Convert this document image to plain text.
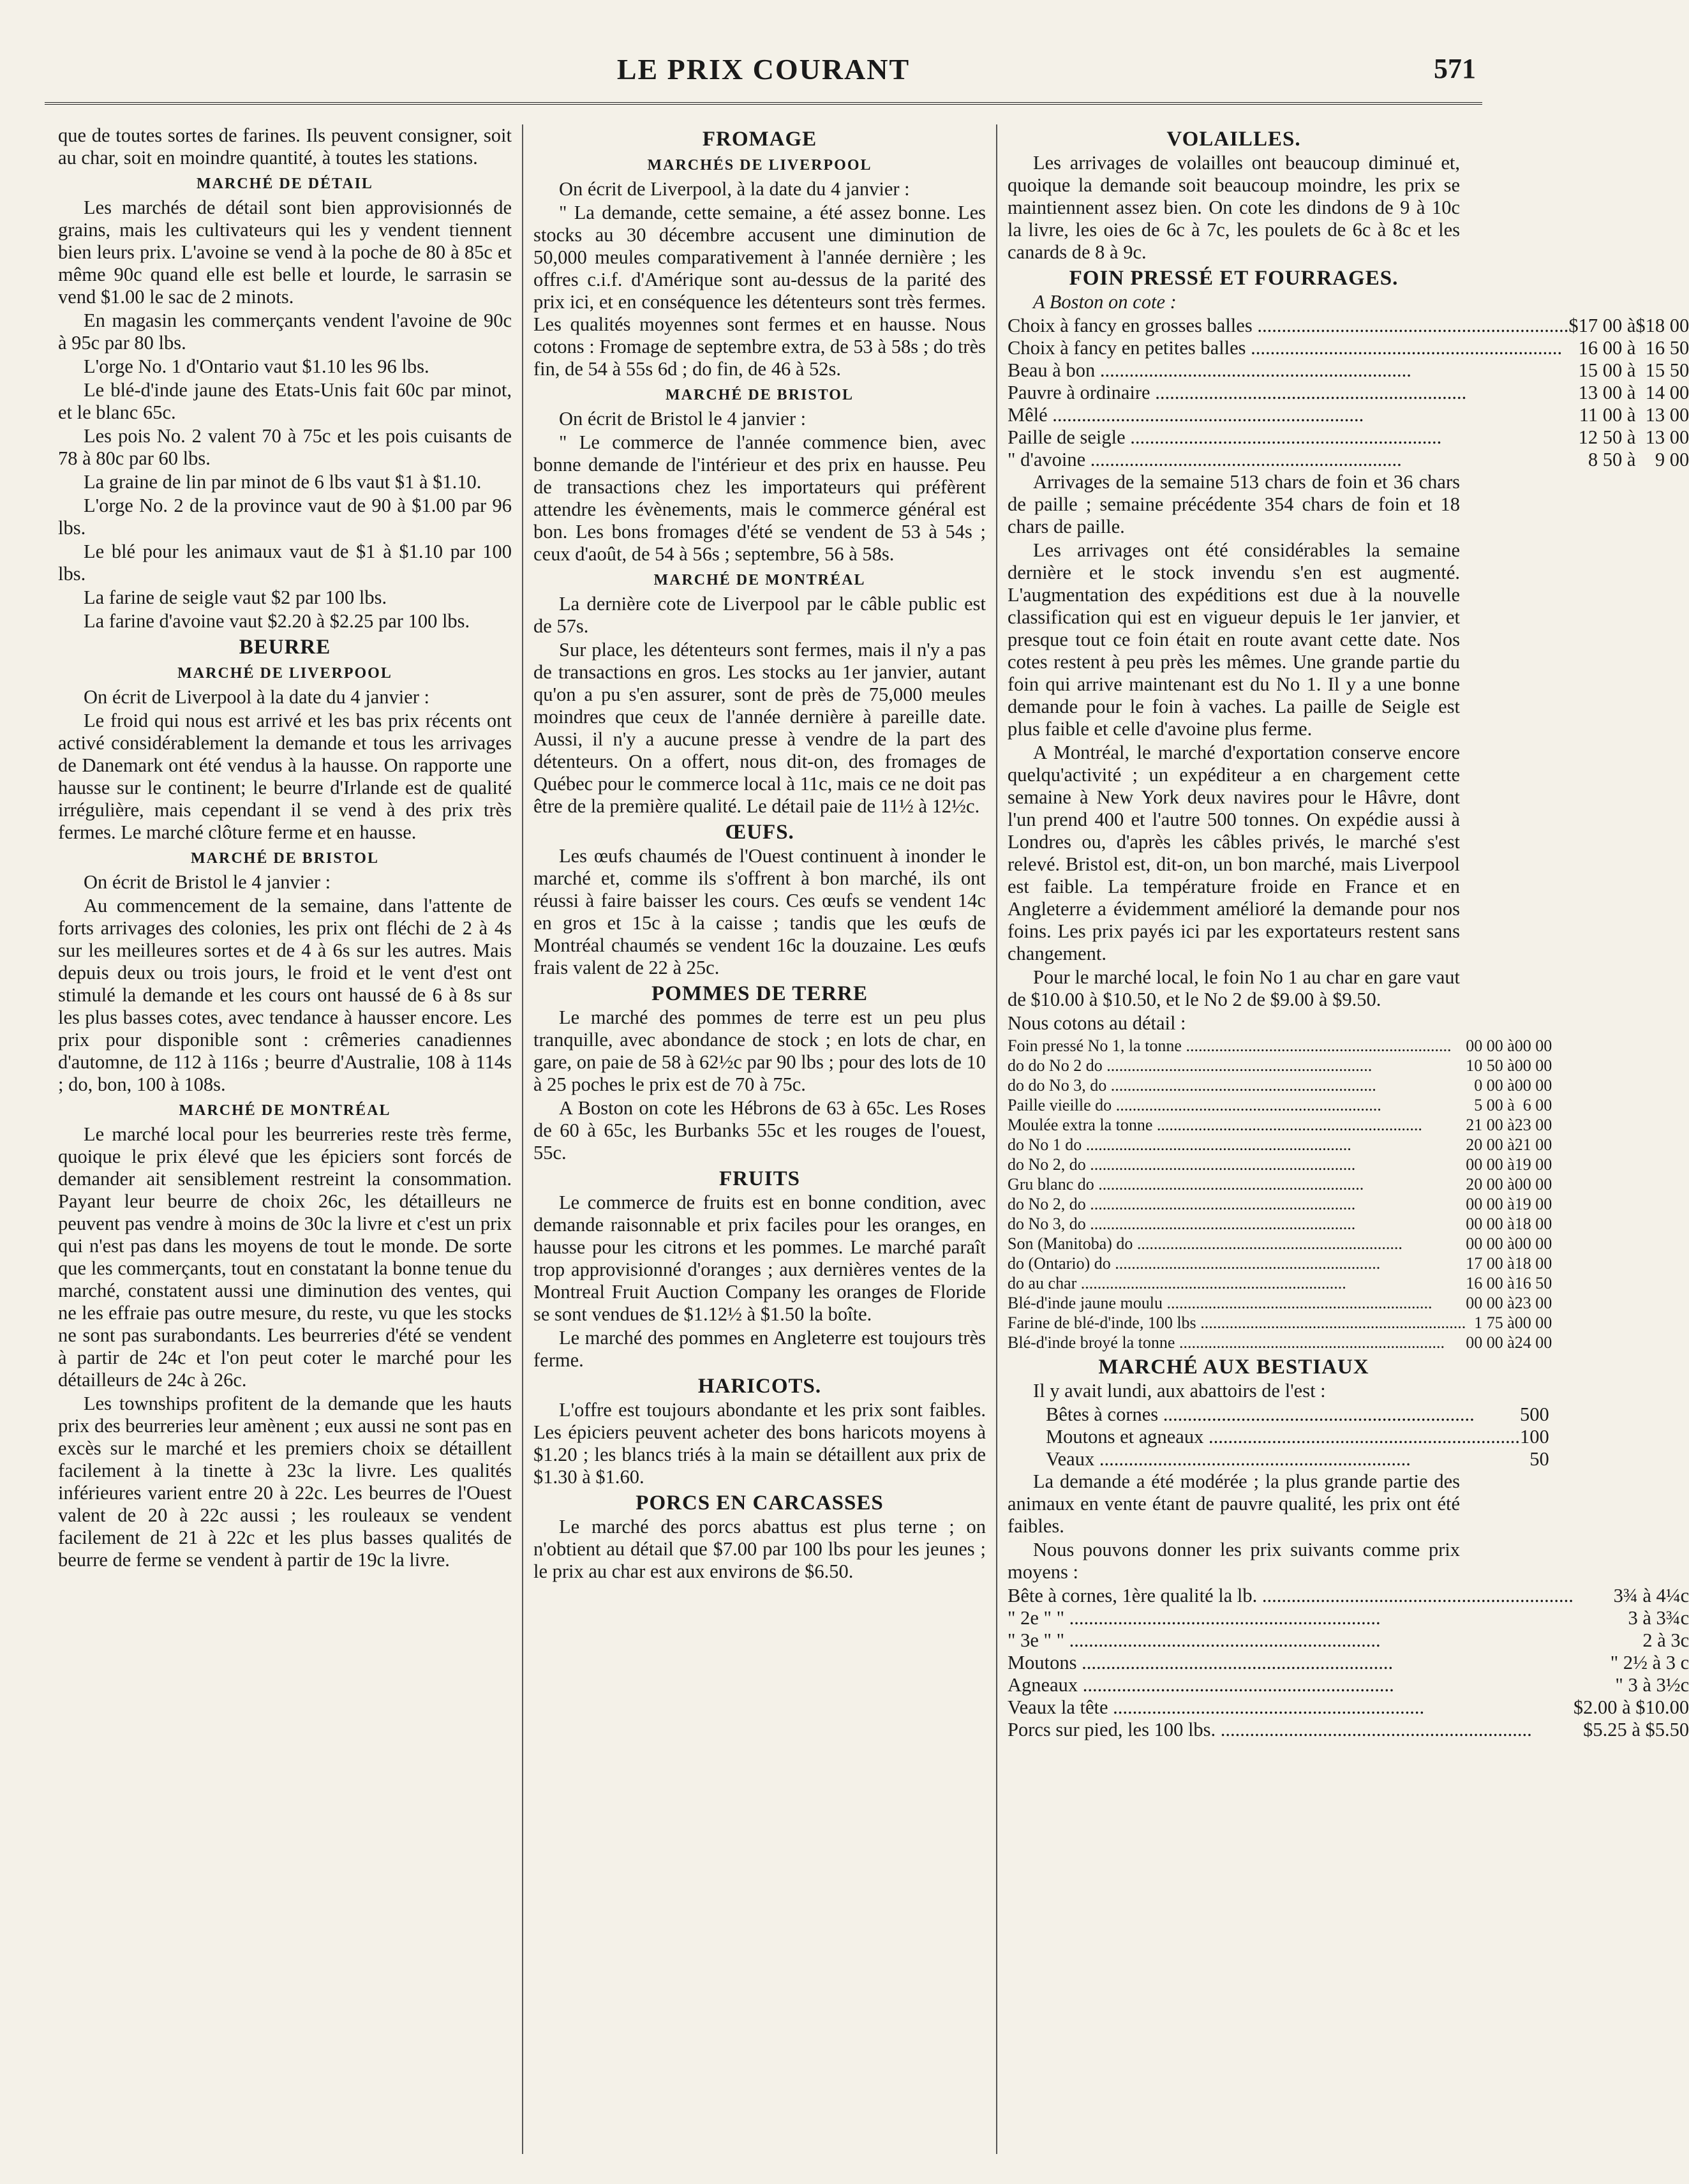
LE PRIX COURANT	571

que de toutes sortes de farines. Ils peuvent consigner, soit au char, soit en moindre quantité, à toutes les stations.

MARCHÉ DE DÉTAIL

Les marchés de détail sont bien approvisionnés de grains, mais les cultivateurs qui les y vendent tiennent bien leurs prix. L'avoine se vend à la poche de 80 à 85c et même 90c quand elle est belle et lourde, le sarrasin se vend $1.00 le sac de 2 minots.

En magasin les commerçants vendent l'avoine de 90c à 95c par 80 lbs.

L'orge No. 1 d'Ontario vaut $1.10 les 96 lbs.

Le blé-d'inde jaune des Etats-Unis fait 60c par minot, et le blanc 65c.

Les pois No. 2 valent 70 à 75c et les pois cuisants de 78 à 80c par 60 lbs.

La graine de lin par minot de 6 lbs vaut $1 à $1.10.

L'orge No. 2 de la province vaut de 90 à $1.00 par 96 lbs.

Le blé pour les animaux vaut de $1 à $1.10 par 100 lbs.

La farine de seigle vaut $2 par 100 lbs.

La farine d'avoine vaut $2.20 à $2.25 par 100 lbs.

BEURRE
MARCHÉ DE LIVERPOOL

On écrit de Liverpool à la date du 4 janvier :

Le froid qui nous est arrivé et les bas prix récents ont activé considérablement la demande et tous les arrivages de Danemark ont été vendus à la hausse. On rapporte une hausse sur le continent; le beurre d'Irlande est de qualité irrégulière, mais cependant il se vend à des prix très fermes. Le marché clôture ferme et en hausse.

MARCHÉ DE BRISTOL

On écrit de Bristol le 4 janvier :

Au commencement de la semaine, dans l'attente de forts arrivages des colonies, les prix ont fléchi de 2 à 4s sur les meilleures sortes et de 4 à 6s sur les autres. Mais depuis deux ou trois jours, le froid et le vent d'est ont stimulé la demande et les cours ont haussé de 6 à 8s sur les plus basses cotes, avec tendance à hausser encore. Les prix pour disponible sont : crêmeries canadiennes d'automne, de 112 à 116s ; beurre d'Australie, 108 à 114s ; do, bon, 100 à 108s.

MARCHÉ DE MONTRÉAL

Le marché local pour les beurreries reste très ferme, quoique le prix élevé que les épiciers sont forcés de demander ait sensiblement restreint la consommation. Payant leur beurre de choix 26c, les détailleurs ne peuvent pas vendre à moins de 30c la livre et c'est un prix qui n'est pas dans les moyens de tout le monde. De sorte que les commerçants, tout en constatant la bonne tenue du marché, constatent aussi une diminution des ventes, qui ne les effraie pas outre mesure, du reste, vu que les stocks ne sont pas surabondants. Les beurreries d'été se vendent à partir de 24c et l'on peut coter le marché pour les détailleurs de 24c à 26c.

Les townships profitent de la demande que les hauts prix des beurreries leur amènent ; eux aussi ne sont pas en excès sur le marché et les premiers choix se détaillent facilement à la tinette à 23c la livre. Les qualités inférieures varient entre 20 à 22c. Les beurres de l'Ouest valent de 20 à 22c aussi ; les rouleaux se vendent facilement de 21 à 22c et les plus basses qualités de beurre de ferme se vendent à partir de 19c la livre.

FROMAGE
MARCHÉS DE LIVERPOOL

On écrit de Liverpool, à la date du 4 janvier :

" La demande, cette semaine, a été assez bonne. Les stocks au 30 décembre accusent une diminution de 50,000 meules comparativement à l'année dernière ; les offres c.i.f. d'Amérique sont au-dessus de la parité des prix ici, et en conséquence les détenteurs sont très fermes. Les qualités moyennes sont fermes et en hausse. Nous cotons : Fromage de septembre extra, de 53 à 58s ; do très fin, de 54 à 55s 6d ; do fin, de 46 à 52s.

MARCHÉ DE BRISTOL

On écrit de Bristol le 4 janvier :

" Le commerce de l'année commence bien, avec bonne demande de l'intérieur et des prix en hausse. Peu de transactions chez les importateurs qui préfèrent attendre les évènements, mais le commerce général est bon. Les bons fromages d'été se vendent de 53 à 54s ; ceux d'août, de 54 à 56s ; septembre, 56 à 58s.

MARCHÉ DE MONTRÉAL

La dernière cote de Liverpool par le câble public est de 57s.

Sur place, les détenteurs sont fermes, mais il n'y a pas de transactions en gros. Les stocks au 1er janvier, autant qu'on a pu s'en assurer, sont de près de 75,000 meules moindres que ceux de l'année dernière à pareille date. Aussi, il n'y a aucune presse à vendre de la part des détenteurs. On a offert, nous dit-on, des fromages de Québec pour le commerce local à 11c, mais ce ne doit pas être de la première qualité. Le détail paie de 11½ à 12½c.

ŒUFS.

Les œufs chaumés de l'Ouest continuent à inonder le marché et, comme ils s'offrent à bon marché, ils ont réussi à faire baisser les cours. Ces œufs se vendent 14c en gros et 15c à la caisse ; tandis que les œufs de Montréal chaumés se vendent 16c la douzaine. Les œufs frais valent de 22 à 25c.

POMMES DE TERRE

Le marché des pommes de terre est un peu plus tranquille, avec abondance de stock ; en lots de char, en gare, on paie de 58 à 62½c par 90 lbs ; pour des lots de 10 à 25 poches le prix est de 70 à 75c.

A Boston on cote les Hébrons de 63 à 65c. Les Roses de 60 à 65c, les Burbanks 55c et les rouges de l'ouest, 55c.

FRUITS

Le commerce de fruits est en bonne condition, avec demande raisonnable et prix faciles pour les oranges, en hausse pour les citrons et les pommes. Le marché paraît trop approvisionné d'oranges ; aux dernières ventes de la Montreal Fruit Auction Company les oranges de Floride se sont vendues de $1.12½ à $1.50 la boîte.

Le marché des pommes en Angleterre est toujours très ferme.

HARICOTS.

L'offre est toujours abondante et les prix sont faibles. Les épiciers peuvent acheter des bons haricots moyens à $1.20 ; les blancs triés à la main se détaillent aux prix de $1.30 à $1.60.

PORCS EN CARCASSES

Le marché des porcs abattus est plus terne ; on n'obtient au détail que $7.00 par 100 lbs pour les jeunes ; le prix au char est aux environs de $6.50.

VOLAILLES.

Les arrivages de volailles ont beaucoup diminué et, quoique la demande soit beaucoup moindre, les prix se maintiennent assez bien. On cote les dindons de 9 à 10c la livre, les oies de 6c à 7c, les poulets de 6c à 8c et les canards de 8 à 9c.

FOIN PRESSÉ ET FOURRAGES.

A Boston on cote :

Choix à fancy en grosses balles .....	$17 00 à	$18 00
Choix à fancy en petites balles .....	16 00 à	16 50
Beau à bon .....	15 00 à	15 50
Pauvre à ordinaire .....	13 00 à	14 00
Mêlé .....	11 00 à	13 00
Paille de seigle .....	12 50 à	13 00
" d'avoine .....	8 50 à	9 00

Arrivages de la semaine 513 chars de foin et 36 chars de paille ; semaine précédente 354 chars de foin et 18 chars de paille.

Les arrivages ont été considérables la semaine dernière et le stock invendu s'en est augmenté. L'augmentation des expéditions est due à la nouvelle classification qui est en vigueur depuis le 1er janvier, et presque tout ce foin était en route avant cette date. Nos cotes restent à peu près les mêmes. Une grande partie du foin qui arrive maintenant est du No 1. Il y a une bonne demande pour le foin à vaches. La paille de Seigle est plus faible et celle d'avoine plus ferme.

A Montréal, le marché d'exportation conserve encore quelqu'activité ; un expéditeur a en chargement cette semaine à New York deux navires pour le Hâvre, dont l'un prend 400 et l'autre 500 tonnes. On expédie aussi à Londres ou, d'après les câbles privés, le marché s'est relevé. Bristol est, dit-on, un bon marché, mais Liverpool est faible. La température froide en France et en Angleterre a évidemment amélioré la demande pour nos foins. Les prix payés ici par les exportateurs restent sans changement.

Pour le marché local, le foin No 1 au char en gare vaut de $10.00 à $10.50, et le No 2 de $9.00 à $9.50.

Nous cotons au détail :

Foin pressé No 1, la tonne .....	00 00 à	00 00
do do No 2 do .....	10 50 à	00 00
do do No 3, do .....	0 00 à	00 00
Paille vieille do .....	5 00 à	6 00
Moulée extra la tonne .....	21 00 à	23 00
do No 1 do .....	20 00 à	21 00
do No 2, do .....	00 00 à	19 00
Gru blanc do .....	20 00 à	00 00
do No 2, do .....	00 00 à	19 00
do No 3, do .....	00 00 à	18 00
Son (Manitoba) do .....	00 00 à	00 00
do (Ontario) do .....	17 00 à	18 00
do au char .....	16 00 à	16 50
Blé-d'inde jaune moulu .....	00 00 à	23 00
Farine de blé-d'inde, 100 lbs .....	1 75 à	00 00
Blé-d'inde broyé la tonne .....	00 00 à	24 00
MARCHÉ AUX BESTIAUX

Il y avait lundi, aux abattoirs de l'est :

Bêtes à cornes .....	500
Moutons et agneaux .....	100
Veaux .....	50

La demande a été modérée ; la plus grande partie des animaux en vente étant de pauvre qualité, les prix ont été faibles.

Nous pouvons donner les prix suivants comme prix moyens :

Bête à cornes, 1ère qualité la lb. .....	3¾ à 4¼c
" 2e " " .....	3 à 3¾c
" 3e " " .....	2 à 3c
Moutons .....	" 2½ à 3 c
Agneaux .....	" 3 à 3½c
Veaux la tête .....	$2.00 à $10.00
Porcs sur pied, les 100 lbs. .....	$5.25 à $5.50
